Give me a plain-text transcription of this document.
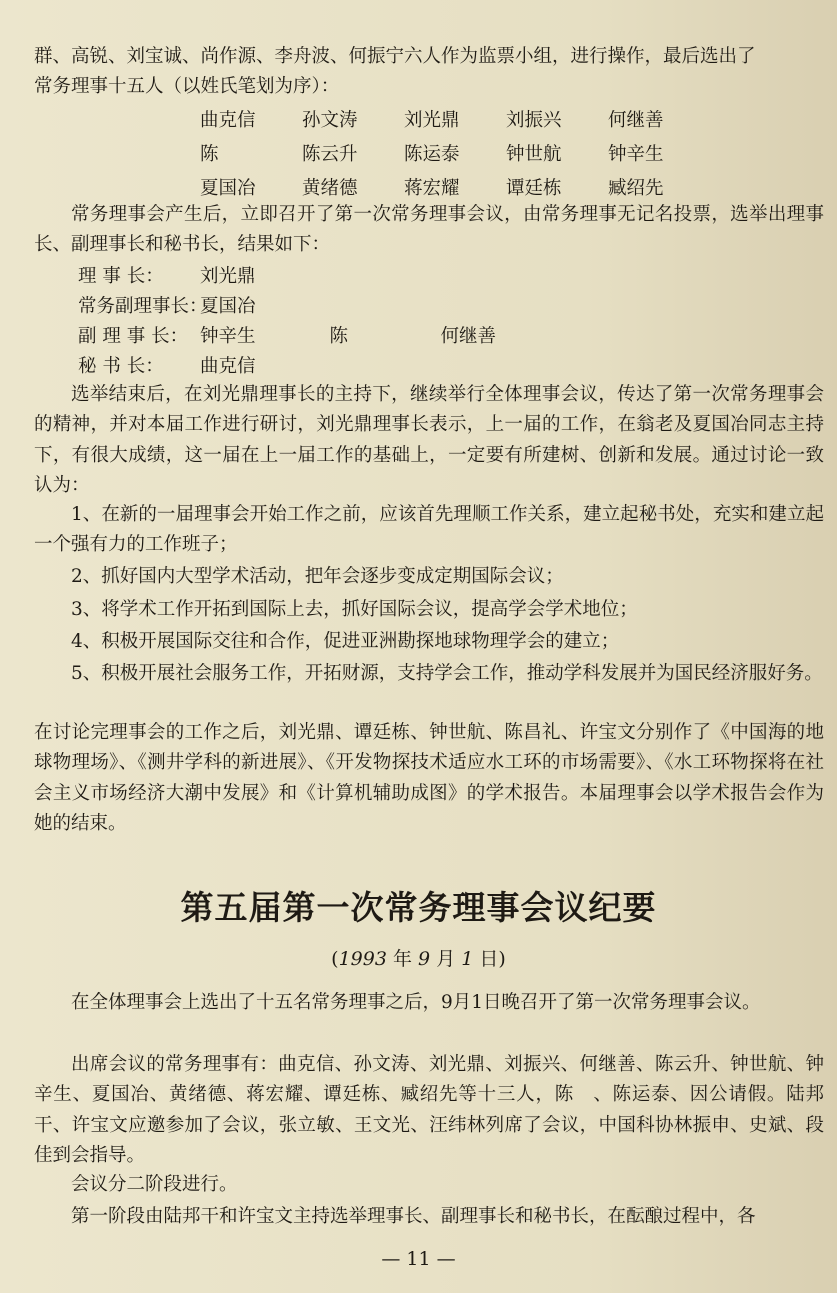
群、高锐、刘宝诚、尚作源、李舟波、何振宁六人作为监票小组，进行操作，最后选出了
常务理事十五人（以姓氏笔划为序）：
曲克信	孙文涛	刘光鼎	刘振兴	何继善
陈	陈云升	陈运泰	钟世航	钟辛生
夏国冶	黄绪德	蒋宏耀	谭廷栋	臧绍先

常务理事会产生后，立即召开了第一次常务理事会议，由常务理事无记名投票，选举出理事长、副理事长和秘书长，结果如下：

理 事 长： 刘光鼎
常务副理事长：夏国冶
副 理 事 长： 钟辛生　　　　陈　　　　　何继善
秘 书 长： 曲克信

选举结束后，在刘光鼎理事长的主持下，继续举行全体理事会议，传达了第一次常务理事会的精神，并对本届工作进行研讨，刘光鼎理事长表示，上一届的工作，在翁老及夏国冶同志主持下，有很大成绩，这一届在上一届工作的基础上，一定要有所建树、创新和发展。通过讨论一致认为：

1、在新的一届理事会开始工作之前，应该首先理顺工作关系，建立起秘书处，充实和建立起一个强有力的工作班子；

2、抓好国内大型学术活动，把年会逐步变成定期国际会议；

3、将学术工作开拓到国际上去，抓好国际会议，提高学会学术地位；

4、积极开展国际交往和合作，促进亚洲勘探地球物理学会的建立；

5、积极开展社会服务工作，开拓财源，支持学会工作，推动学科发展并为国民经济服好务。

在讨论完理事会的工作之后，刘光鼎、谭廷栋、钟世航、陈昌礼、许宝文分别作了《中国海的地球物理场》、《测井学科的新进展》、《开发物探技术适应水工环的市场需要》、《水工环物探将在社会主义市场经济大潮中发展》和《计算机辅助成图》的学术报告。本届理事会以学术报告会作为她的结束。

第五届第一次常务理事会议纪要
(1993 年 9 月 1 日)

在全体理事会上选出了十五名常务理事之后，9月1日晚召开了第一次常务理事会议。

出席会议的常务理事有：曲克信、孙文涛、刘光鼎、刘振兴、何继善、陈云升、钟世航、钟辛生、夏国冶、黄绪德、蒋宏耀、谭廷栋、臧绍先等十三人，陈　、陈运泰、因公请假。陆邦干、许宝文应邀参加了会议，张立敏、王文光、汪纬林列席了会议，中国科协林振申、史斌、段佳到会指导。

会议分二阶段进行。

第一阶段由陆邦干和许宝文主持选举理事长、副理事长和秘书长，在酝酿过程中，各

— 11 —
